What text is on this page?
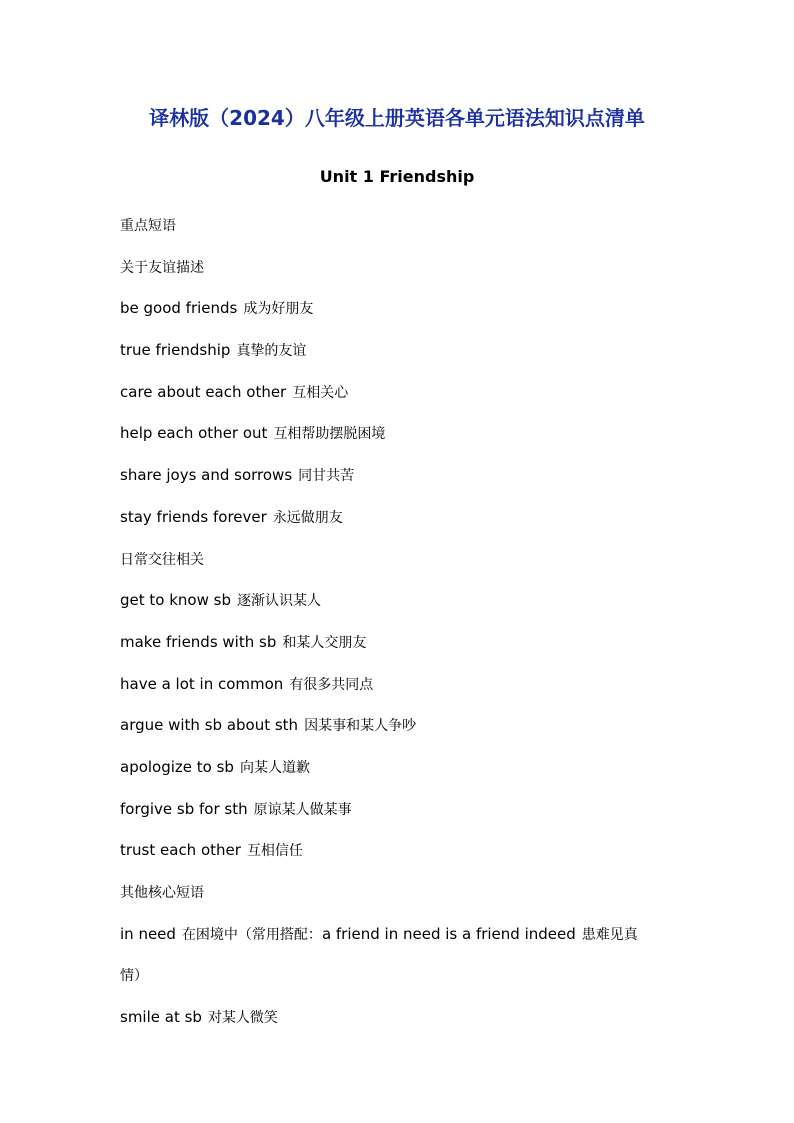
译林版（2024）八年级上册英语各单元语法知识点清单
Unit 1 Friendship
重点短语
关于友谊描述
be good friends 成为好朋友
true friendship 真挚的友谊
care about each other 互相关心
help each other out 互相帮助摆脱困境
share joys and sorrows 同甘共苦
stay friends forever 永远做朋友
日常交往相关
get to know sb 逐渐认识某人
make friends with sb 和某人交朋友
have a lot in common 有很多共同点
argue with sb about sth 因某事和某人争吵
apologize to sb 向某人道歉
forgive sb for sth 原谅某人做某事
trust each other 互相信任
其他核心短语
in need 在困境中（常用搭配：a friend in need is a friend indeed 患难见真
情）
smile at sb 对某人微笑
